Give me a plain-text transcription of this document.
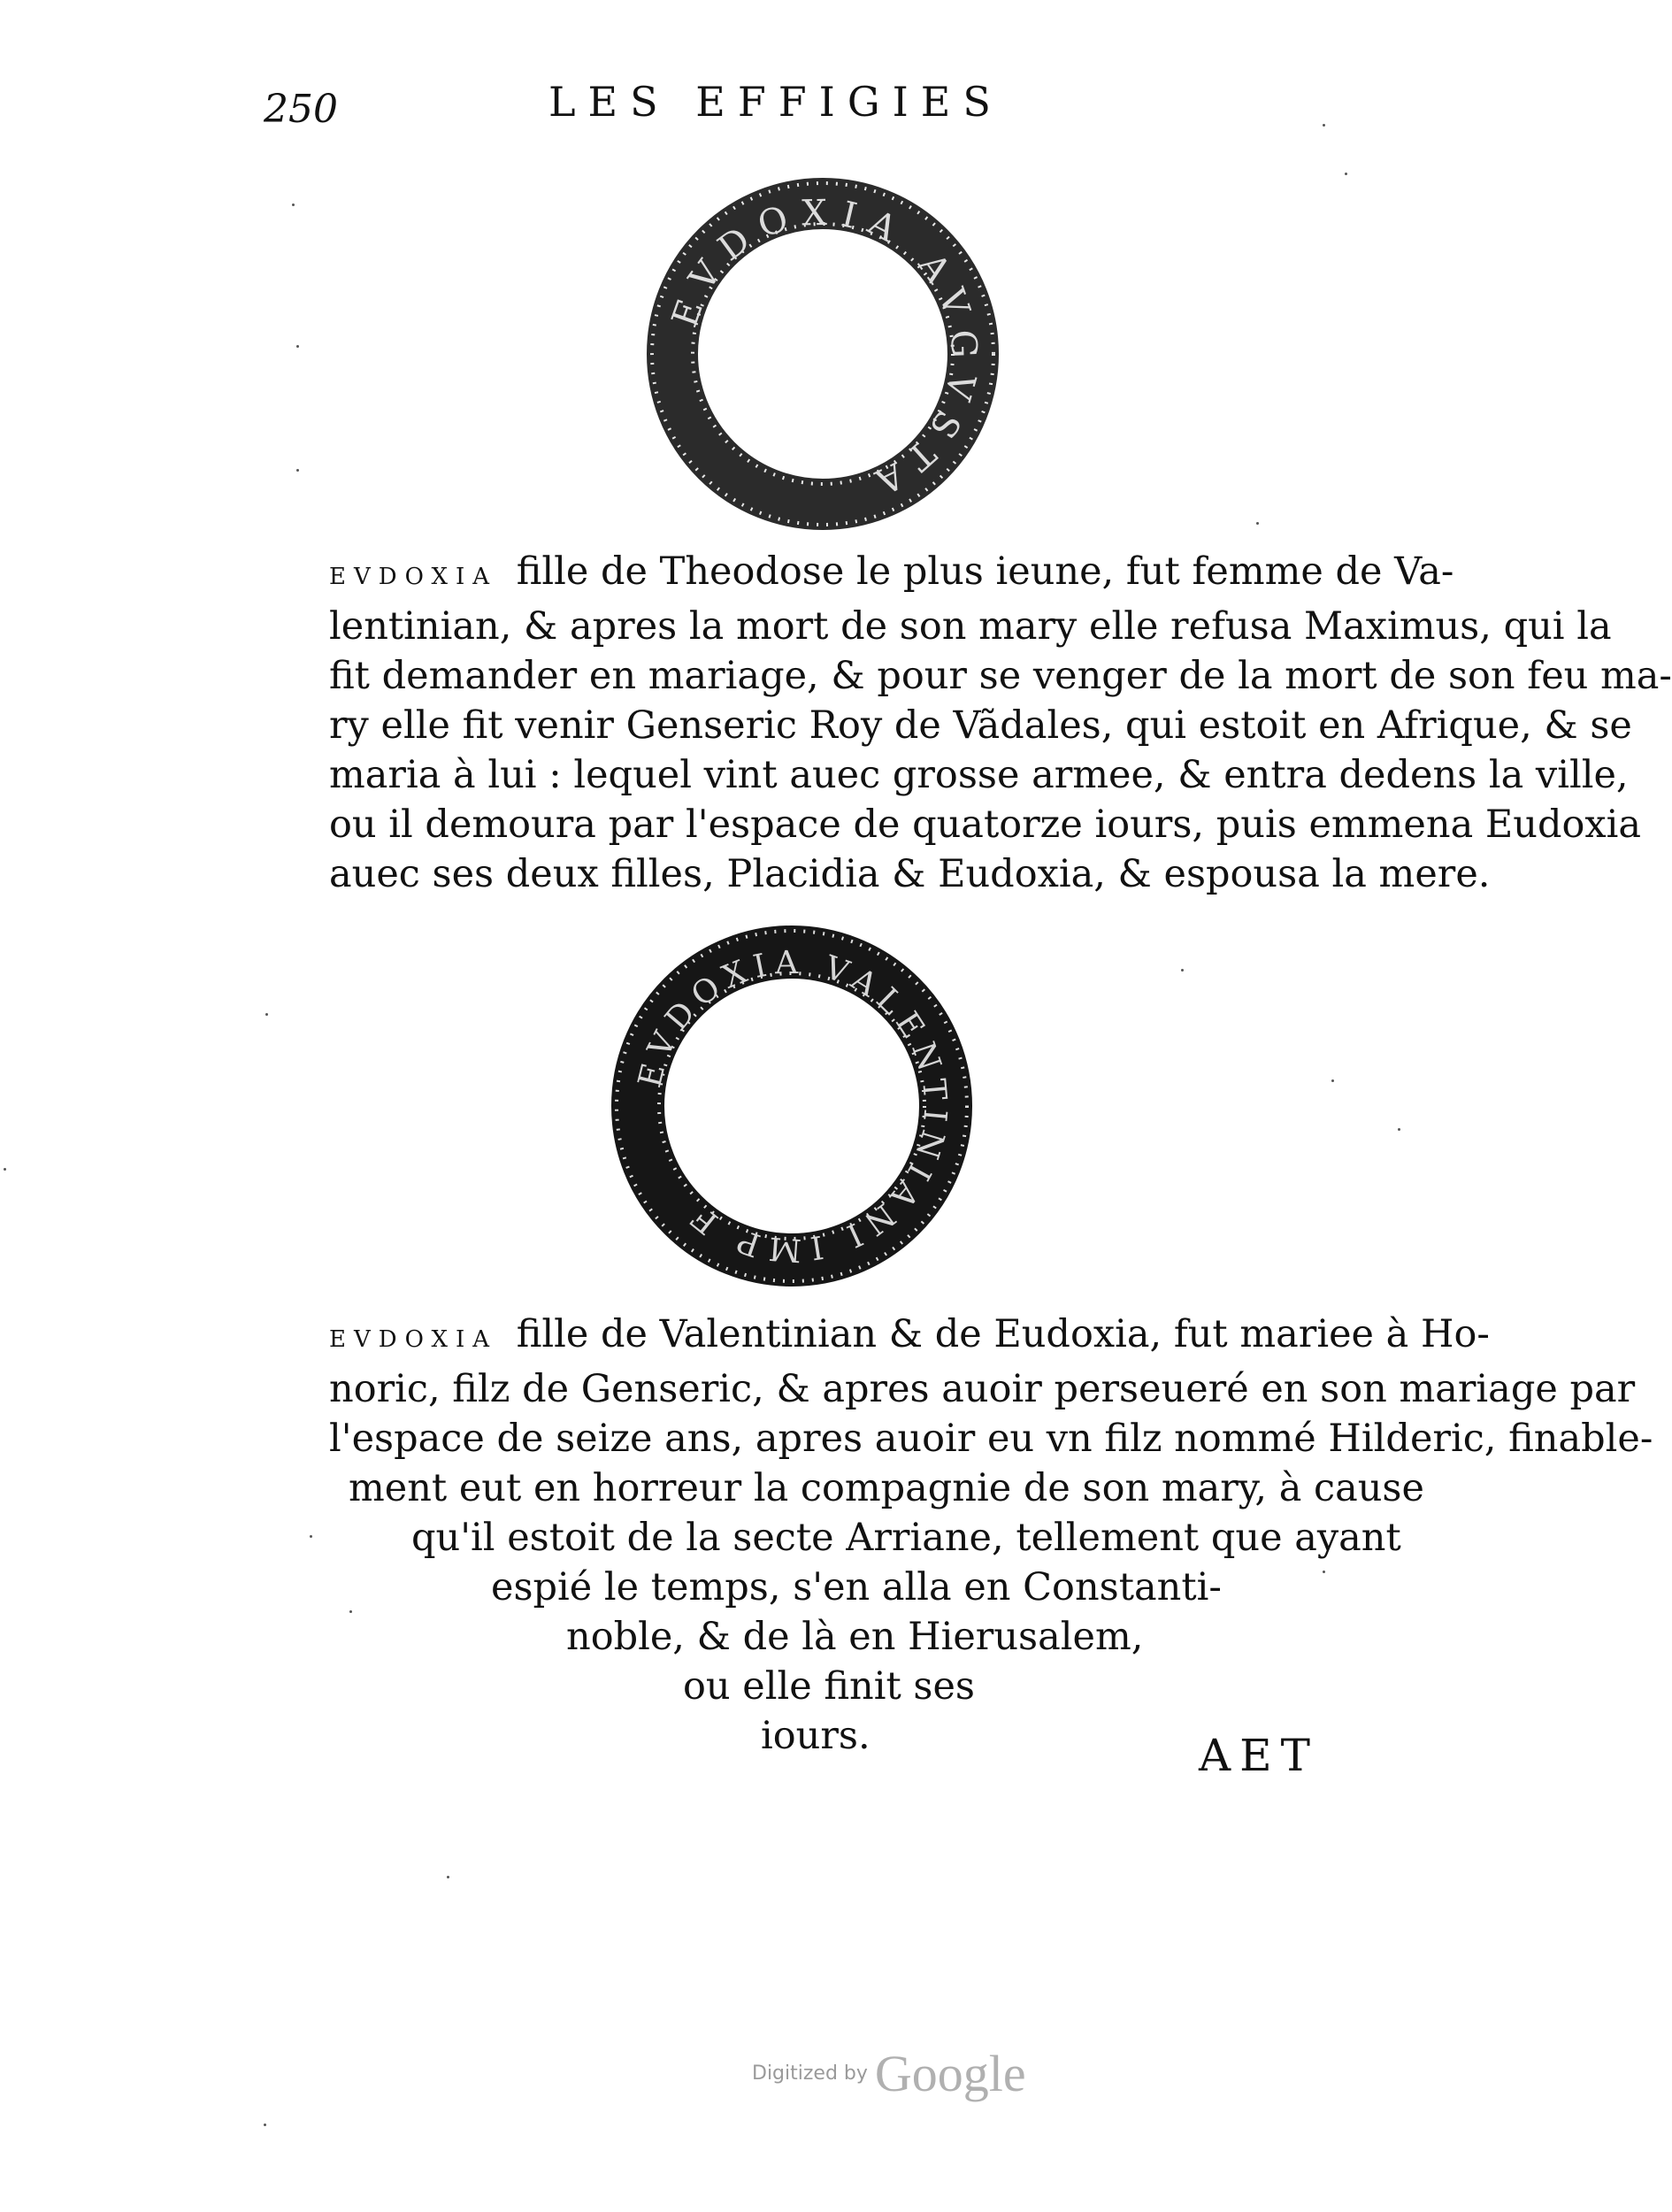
250	LES EFFIGIES
EVDOXIA AVGVSTA
EVDOXIA fille de Theodose le plus ieune, fut femme de Va-
lentinian, & apres la mort de son mary elle refusa Maximus, qui la
fit demander en mariage, & pour se venger de la mort de son feu ma-
ry elle fit venir Genseric Roy de Vãdales, qui estoit en Afrique, & se
maria à lui : lequel vint auec grosse armee, & entra dedens la ville,
ou il demoura par l'espace de quatorze iours, puis emmena Eudoxia
auec ses deux filles, Placidia & Eudoxia, & espousa la mere.
EVDOXIA VALENTINIANI IMP F
EVDOXIA fille de Valentinian & de Eudoxia, fut mariee à Ho-
noric, filz de Genseric, & apres auoir perseueré en son mariage par
l'espace de seize ans, apres auoir eu vn filz nommé Hilderic, finable-
ment eut en horreur la compagnie de son mary, à cause
qu'il estoit de la secte Arriane, tellement que ayant
espié le temps, s'en alla en Constanti-
noble, & de là en Hierusalem,
ou elle finit ses
iours.	AET
Digitized by Google
